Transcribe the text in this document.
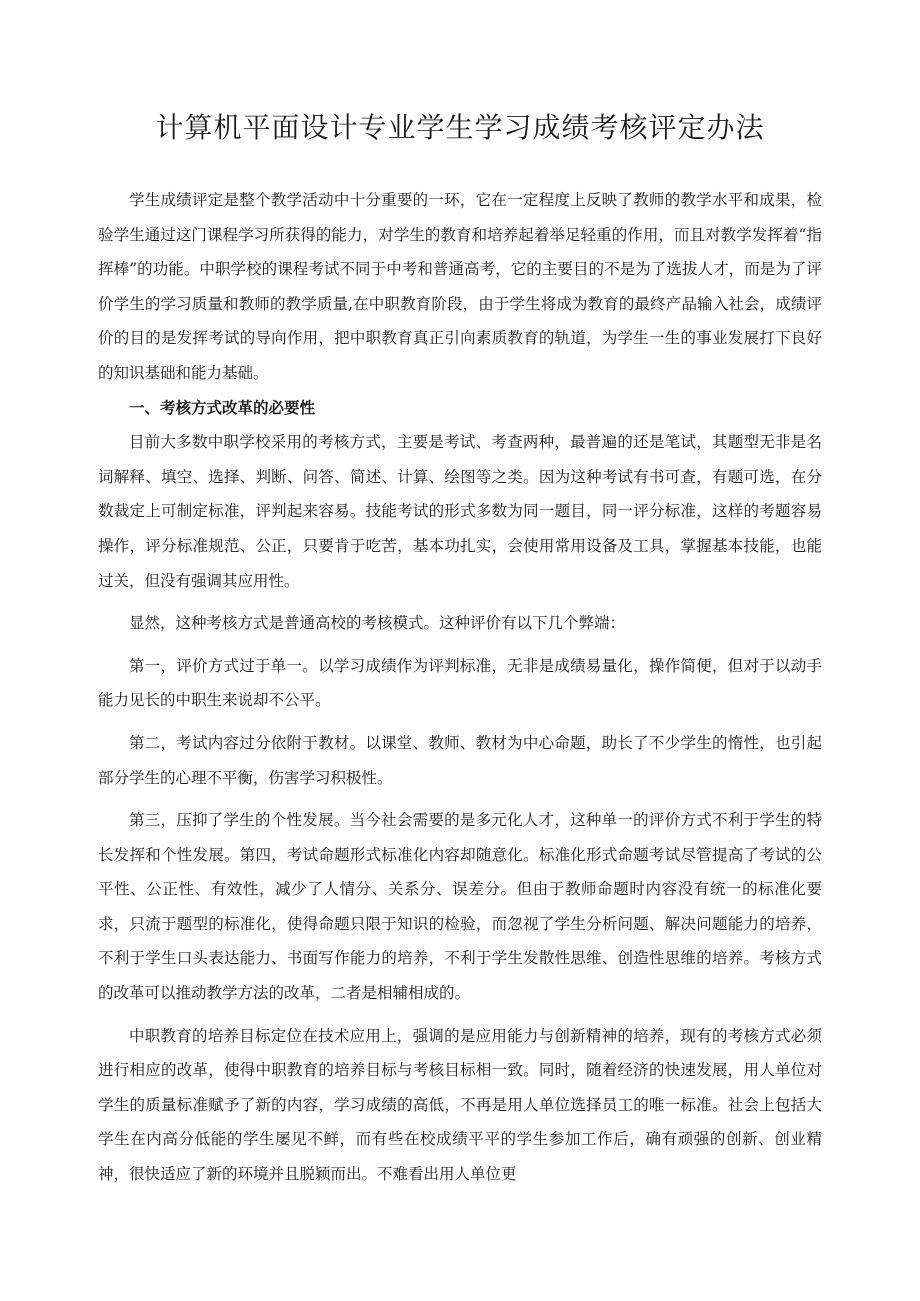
计算机平面设计专业学生学习成绩考核评定办法

学生成绩评定是整个教学活动中十分重要的一环，它在一定程度上反映了教师的教学水平和成果，检验学生通过这门课程学习所获得的能力，对学生的教育和培养起着举足轻重的作用，而且对教学发挥着“指挥棒”的功能。中职学校的课程考试不同于中考和普通高考，它的主要目的不是为了选拔人才，而是为了评价学生的学习质量和教师的教学质量,在中职教育阶段，由于学生将成为教育的最终产品输入社会，成绩评价的目的是发挥考试的导向作用，把中职教育真正引向素质教育的轨道，为学生一生的事业发展打下良好的知识基础和能力基础。

一、考核方式改革的必要性

目前大多数中职学校采用的考核方式，主要是考试、考查两种，最普遍的还是笔试，其题型无非是名词解释、填空、选择、判断、问答、简述、计算、绘图等之类。因为这种考试有书可查，有题可选，在分数裁定上可制定标准，评判起来容易。技能考试的形式多数为同一题目，同一评分标准，这样的考题容易操作，评分标准规范、公正，只要肯于吃苦，基本功扎实，会使用常用设备及工具，掌握基本技能，也能过关，但没有强调其应用性。

显然，这种考核方式是普通高校的考核模式。这种评价有以下几个弊端：

第一，评价方式过于单一。以学习成绩作为评判标准，无非是成绩易量化，操作简便，但对于以动手能力见长的中职生来说却不公平。

第二，考试内容过分依附于教材。以课堂、教师、教材为中心命题，助长了不少学生的惰性，也引起部分学生的心理不平衡，伤害学习积极性。

第三，压抑了学生的个性发展。当今社会需要的是多元化人才，这种单一的评价方式不利于学生的特长发挥和个性发展。第四，考试命题形式标准化内容却随意化。标准化形式命题考试尽管提高了考试的公平性、公正性、有效性，减少了人情分、关系分、误差分。但由于教师命题时内容没有统一的标准化要求，只流于题型的标准化，使得命题只限于知识的检验，而忽视了学生分析问题、解决问题能力的培养，不利于学生口头表达能力、书面写作能力的培养，不利于学生发散性思维、创造性思维的培养。考核方式的改革可以推动教学方法的改革，二者是相辅相成的。

中职教育的培养目标定位在技术应用上，强调的是应用能力与创新精神的培养，现有的考核方式必须进行相应的改革，使得中职教育的培养目标与考核目标相一致。同时，随着经济的快速发展，用人单位对学生的质量标准赋予了新的内容，学习成绩的高低，不再是用人单位选择员工的唯一标准。社会上包括大学生在内高分低能的学生屡见不鲜，而有些在校成绩平平的学生参加工作后，确有顽强的创新、创业精神，很快适应了新的环境并且脱颖而出。不难看出用人单位更
